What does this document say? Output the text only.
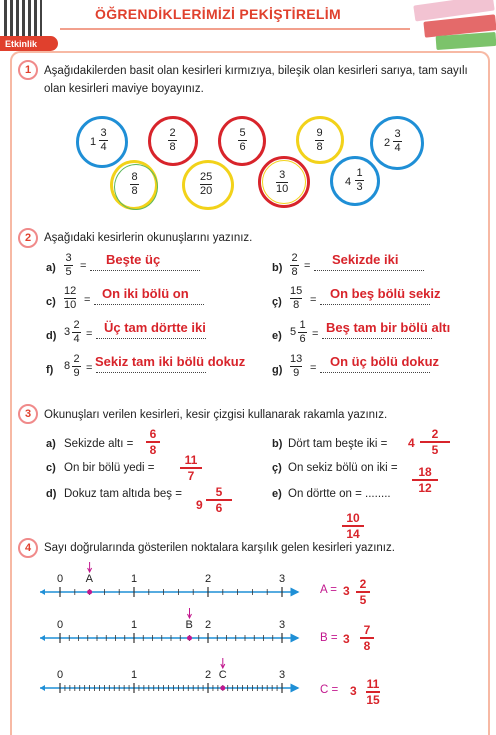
Etkinlik
ÖĞRENDİKLERİMİZİ PEKİŞTİRELİM
1	Aşağıdakilerden basit olan kesirleri kırmızıya, bileşik olan kesirleri sarıya, tam sayılı olan kesirleri maviye boyayınız.
1
3
4
2
8
5
6
9
8	2
3
4
8
8
25
20
3
10
4
1
3
2	Aşağıdaki kesirlerin okunuşlarını yazınız.
a)
3
5 = Beşte üç
b)
2
8 = Sekizde iki
c)
12
10 = On iki bölü on
ç)
15
8 = On beş bölü sekiz
d) 3
2
4 = Üç tam dörtte iki
e) 5
1
6 = Beş tam bir bölü altı
f) 8
2
9 = Sekiz tam iki bölü dokuz
g)
13
9 = On üç bölü dokuz
3	Okunuşları verilen kesirleri, kesir çizgisi kullanarak rakamla yazınız.
a) Sekizde altı =
6
8	b) Dört tam beşte iki = 4
2
5
c) On bir bölü yedi =
11
7
ç) On sekiz bölü on iki = 18
12
d) Dokuz tam altıda beş =
9
5
6
e) On dörtte on = ........
10
14
4	Sayı doğrularında gösterilen noktalara karşılık gelen kesirleri yazınız.
0	1	2	3
A
0	1	2	3
B
0	1	2	3
C
A = 3 2
5
B = 3
7
8
C = 3 11
15
